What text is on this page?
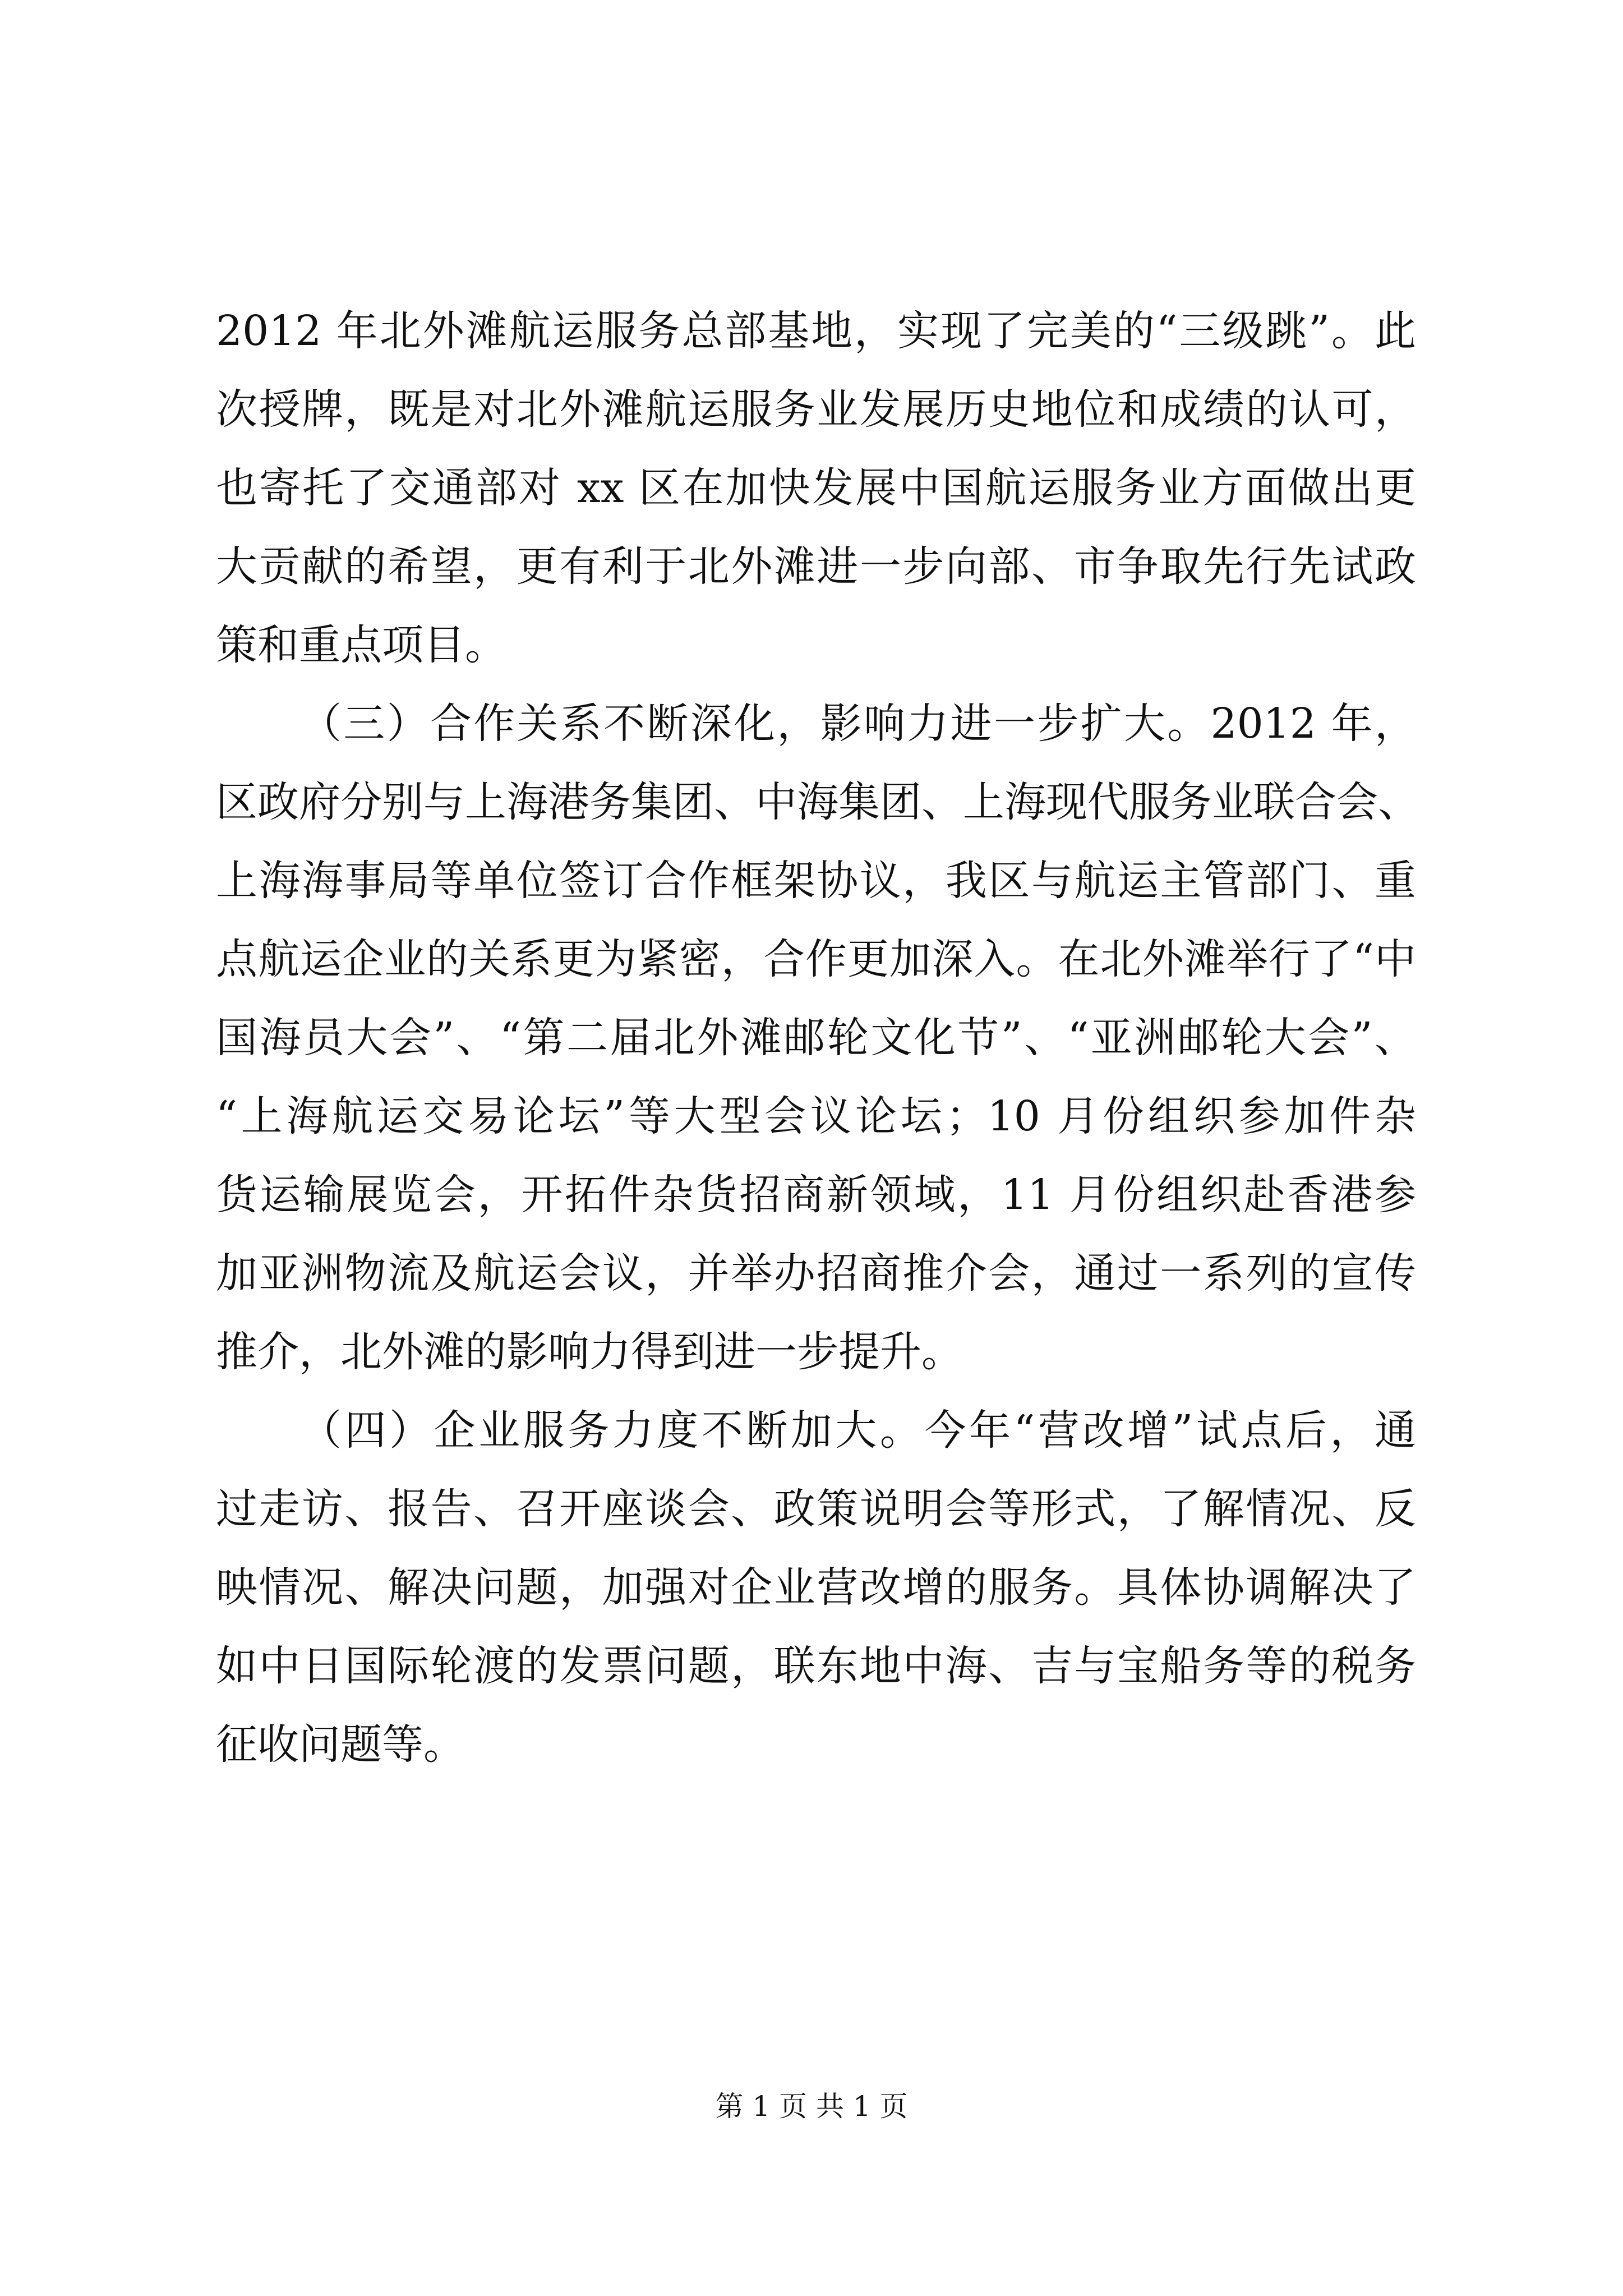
2012 年北外滩航运服务总部基地，实现了完美的“三级跳”。此
次授牌，既是对北外滩航运服务业发展历史地位和成绩的认可，
也寄托了交通部对 xx 区在加快发展中国航运服务业方面做出更
大贡献的希望，更有利于北外滩进一步向部、市争取先行先试政
策和重点项目。
（三）合作关系不断深化，影响力进一步扩大。2012 年，
区政府分别与上海港务集团、中海集团、上海现代服务业联合会、
上海海事局等单位签订合作框架协议，我区与航运主管部门、重
点航运企业的关系更为紧密，合作更加深入。在北外滩举行了“中
国海员大会”、“第二届北外滩邮轮文化节”、“亚洲邮轮大会”、
“上海航运交易论坛”等大型会议论坛；10 月份组织参加件杂
货运输展览会，开拓件杂货招商新领域，11 月份组织赴香港参
加亚洲物流及航运会议，并举办招商推介会，通过一系列的宣传
推介，北外滩的影响力得到进一步提升。
（四）企业服务力度不断加大。今年“营改增”试点后，通
过走访、报告、召开座谈会、政策说明会等形式，了解情况、反
映情况、解决问题，加强对企业营改增的服务。具体协调解决了
如中日国际轮渡的发票问题，联东地中海、吉与宝船务等的税务
征收问题等。
第 1 页 共 1 页
